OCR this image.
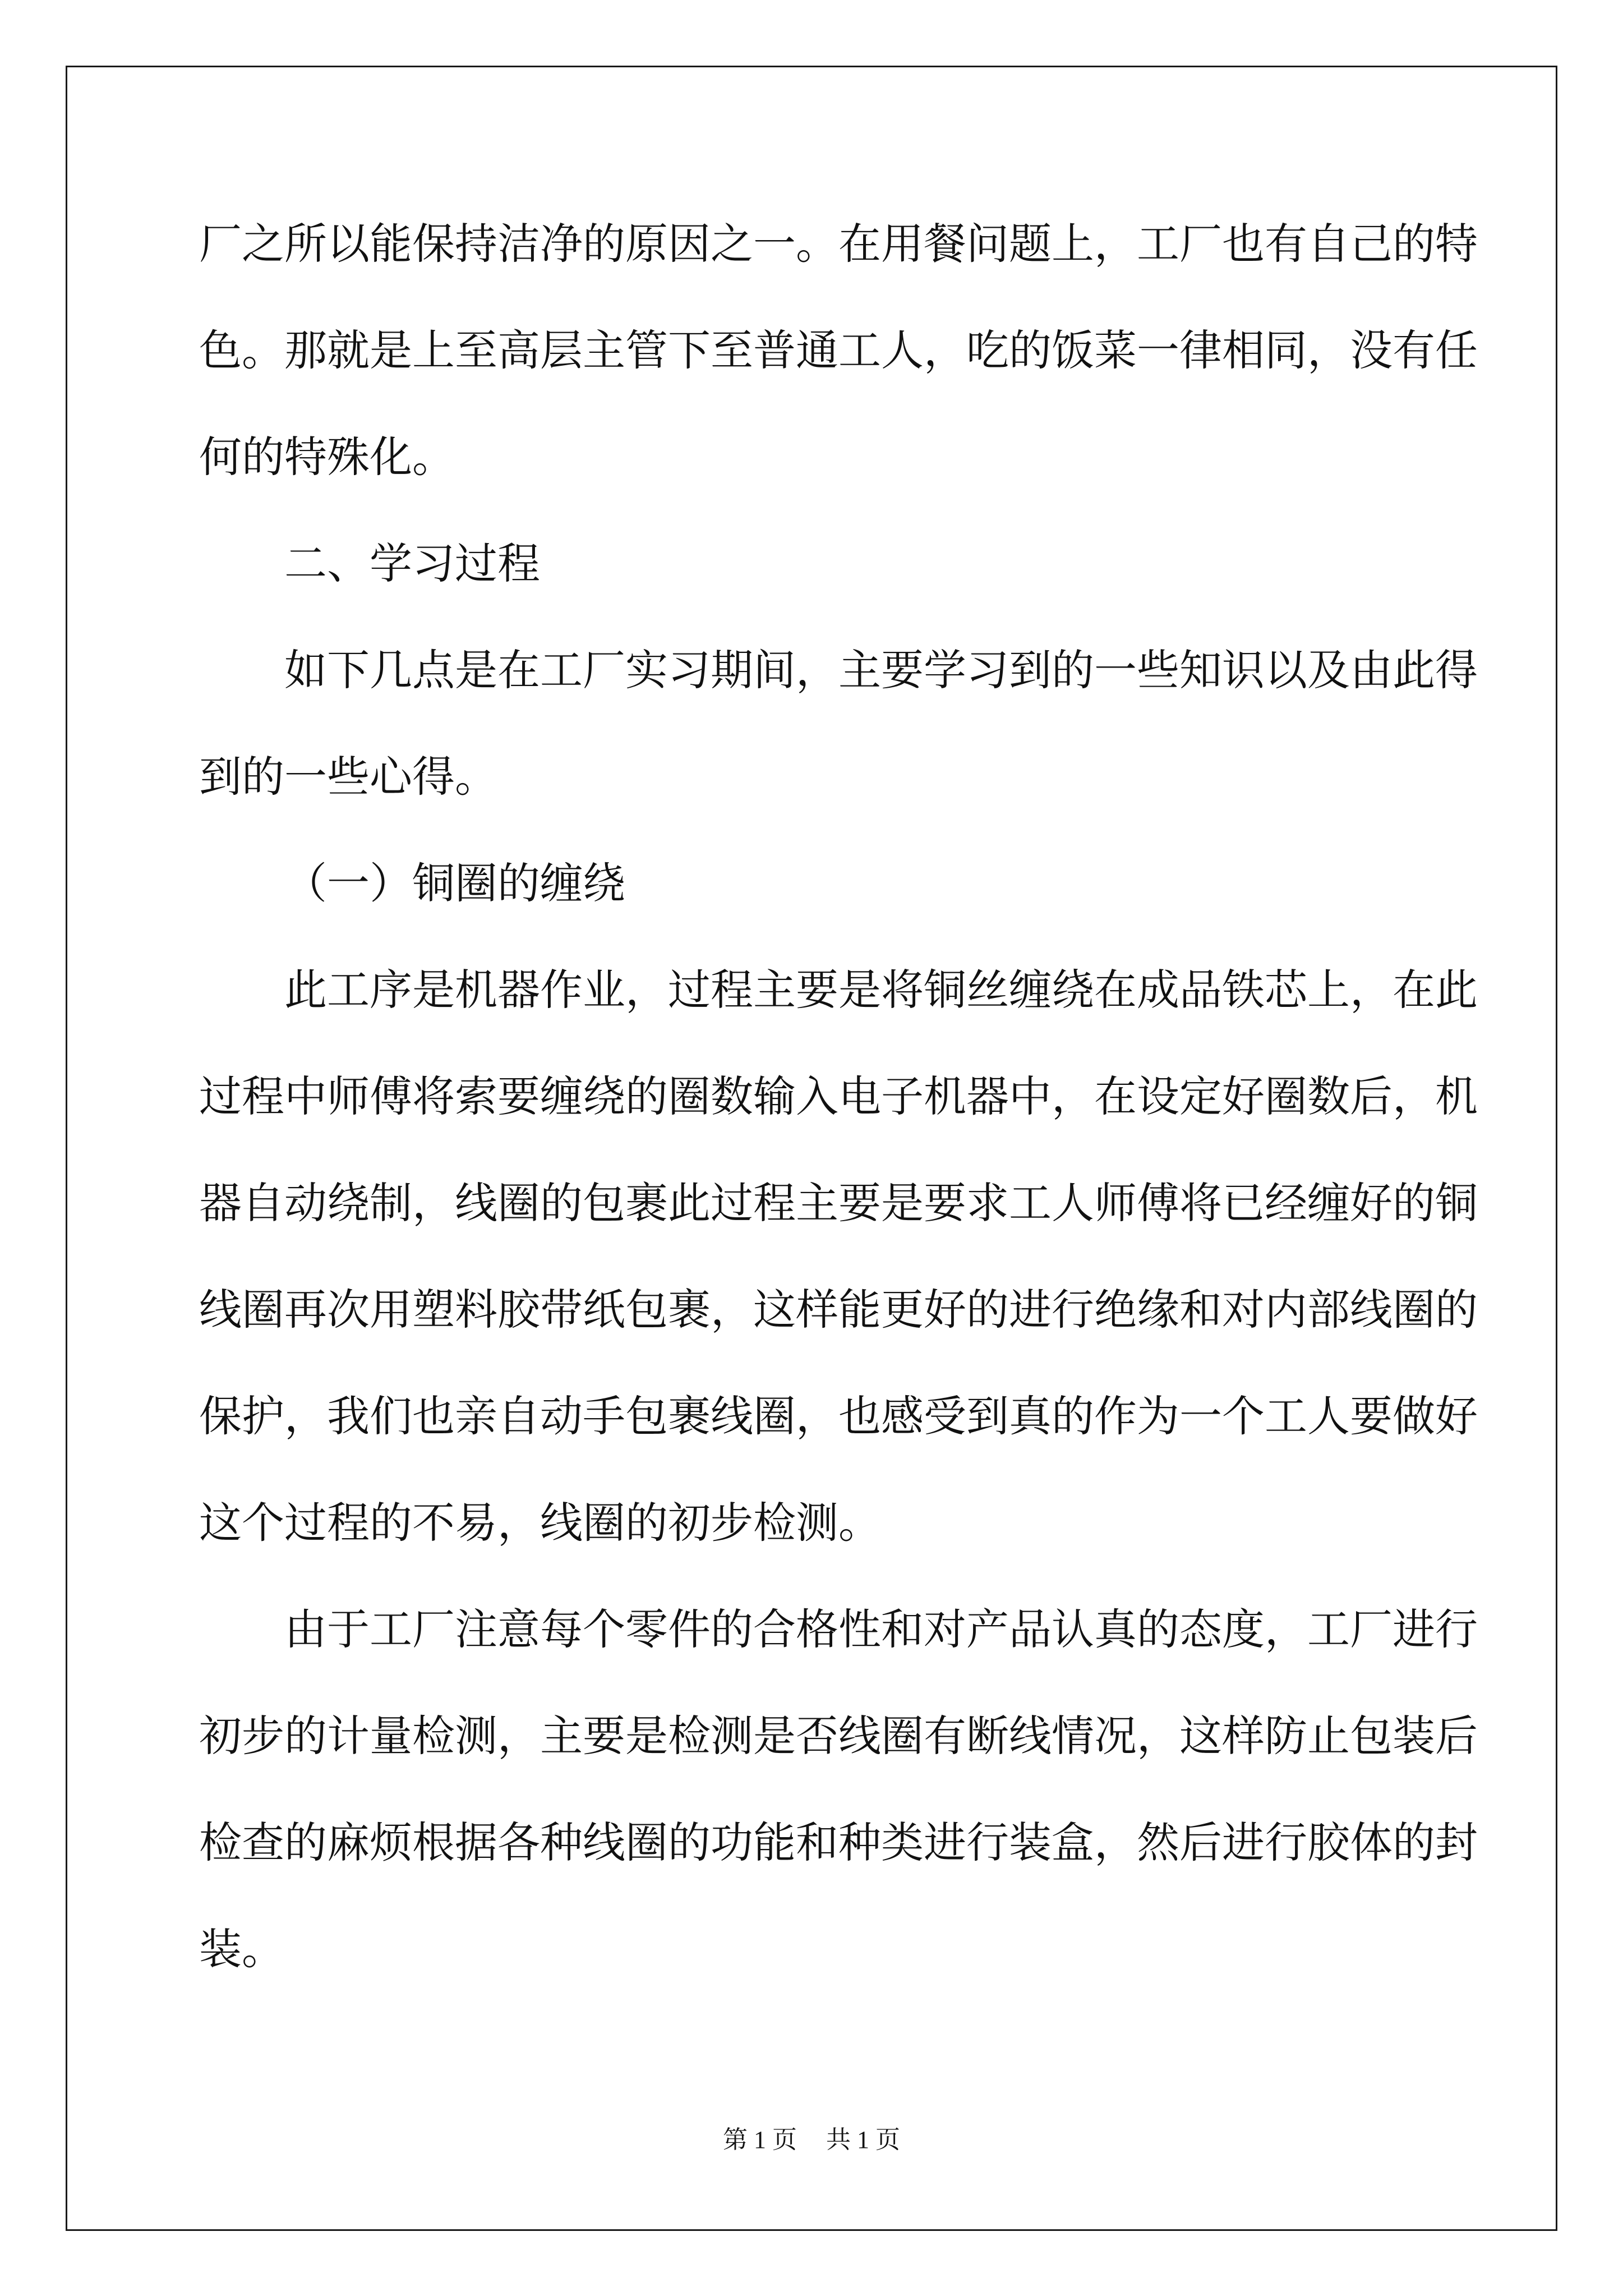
厂之所以能保持洁净的原因之一。在用餐问题上，工厂也有自己的特
色。那就是上至高层主管下至普通工人，吃的饭菜一律相同，没有任
何的特殊化。
二、学习过程
如下几点是在工厂实习期间，主要学习到的一些知识以及由此得
到的一些心得。
（一）铜圈的缠绕
此工序是机器作业，过程主要是将铜丝缠绕在成品铁芯上，在此
过程中师傅将索要缠绕的圈数输入电子机器中，在设定好圈数后，机
器自动绕制，线圈的包裹此过程主要是要求工人师傅将已经缠好的铜
线圈再次用塑料胶带纸包裹，这样能更好的进行绝缘和对内部线圈的
保护，我们也亲自动手包裹线圈，也感受到真的作为一个工人要做好
这个过程的不易，线圈的初步检测。
由于工厂注意每个零件的合格性和对产品认真的态度，工厂进行
初步的计量检测，主要是检测是否线圈有断线情况，这样防止包装后
检查的麻烦根据各种线圈的功能和种类进行装盒，然后进行胶体的封
装。
第 1 页 共 1 页
